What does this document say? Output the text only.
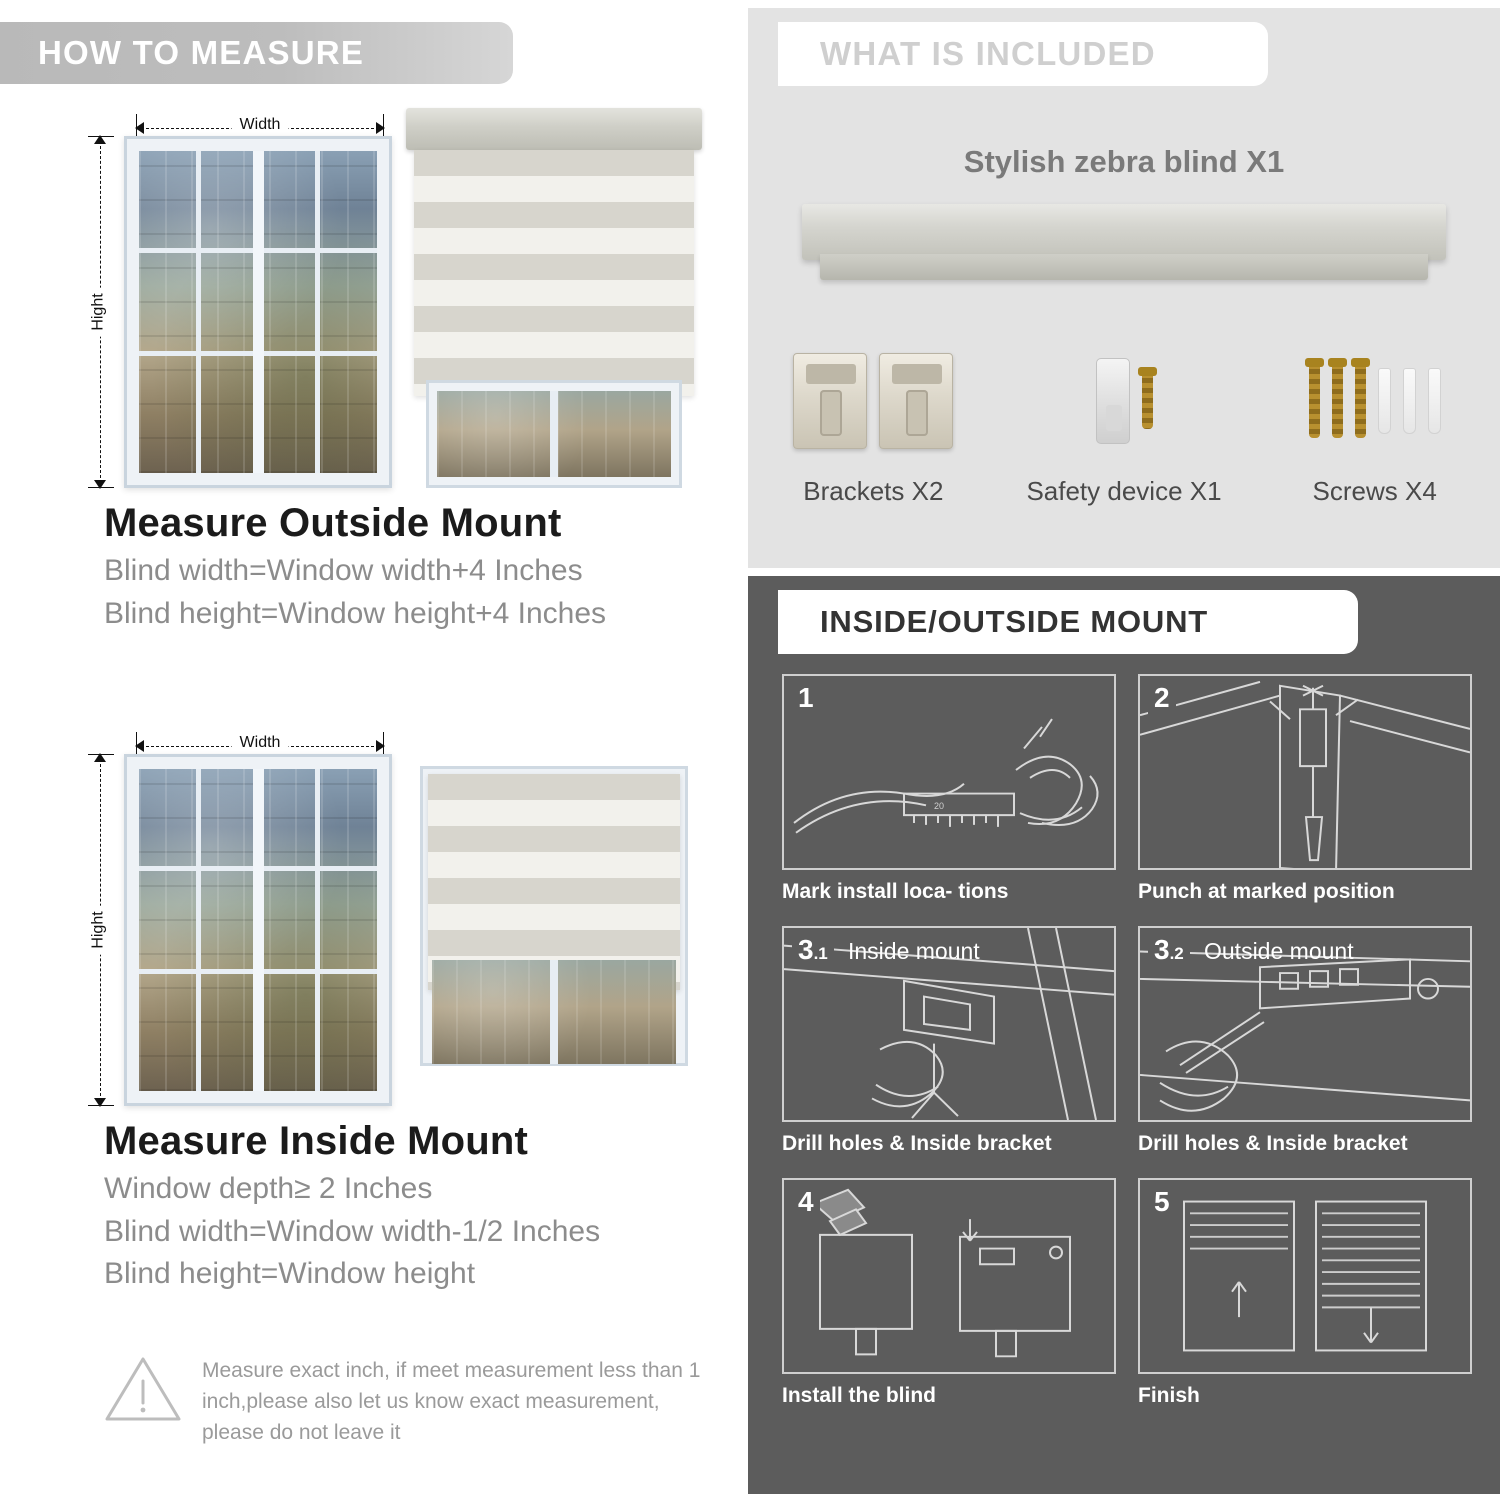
HOW TO MEASURE
Width
Hight
Measure Outside Mount
Blind width=Window width+4 Inches
Blind height=Window height+4 Inches
Width
Hight
Measure Inside Mount
Window depth≥ 2 Inches
Blind width=Window width-1/2 Inches
Blind height=Window height
Measure exact inch, if meet measurement less than 1 inch,please also let us know exact measurement, please do not leave it
WHAT IS INCLUDED
Stylish zebra blind X1
Brackets X2	Safety device X1	Screws X4
INSIDE/OUTSIDE MOUNT
1
20
Mark install loca- tions
2
Punch at marked position
3.1 Inside mount
Drill holes & Inside bracket
3.2 Outside mount
Drill holes & Inside bracket
4
Install the blind
5
Finish
